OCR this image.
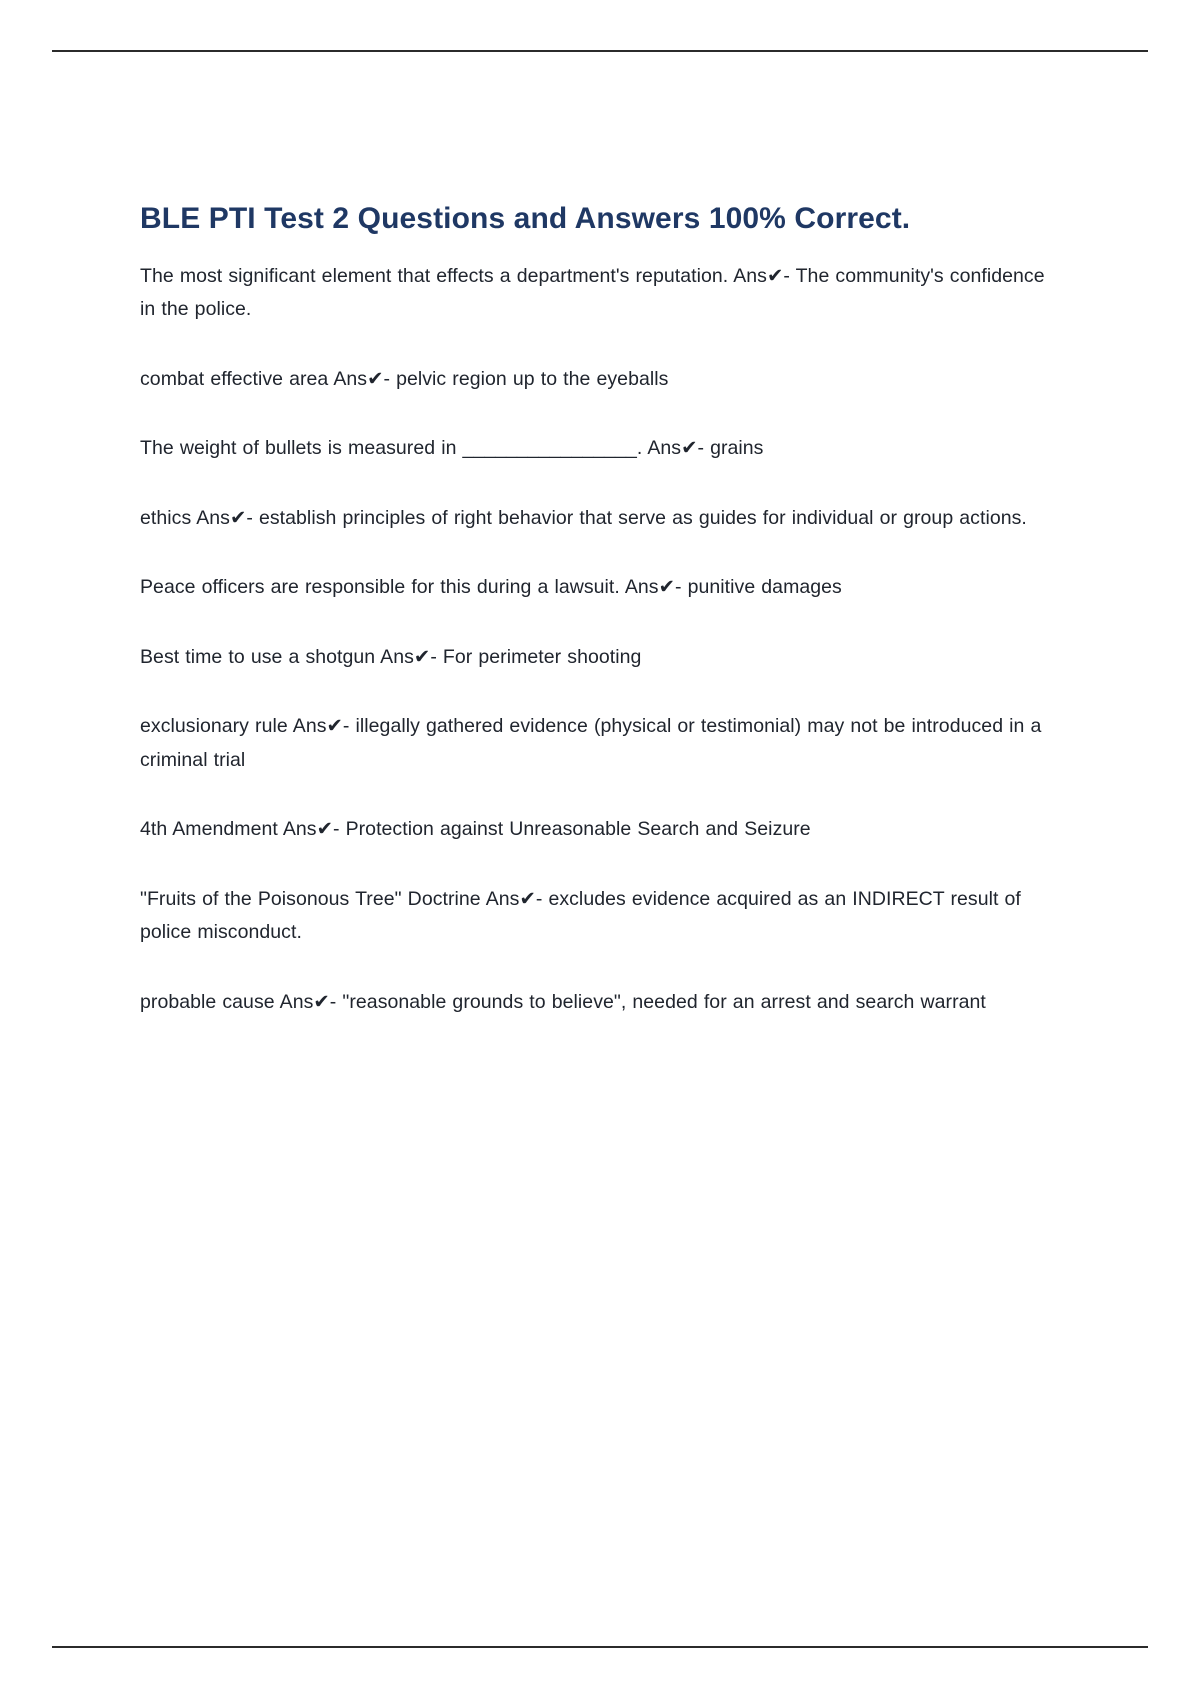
BLE PTI Test 2 Questions and Answers 100% Correct.

The most significant element that effects a department's reputation. Ans✔- The community's confidence in the police.

combat effective area Ans✔- pelvic region up to the eyeballs

The weight of bullets is measured in ________________. Ans✔- grains

ethics Ans✔- establish principles of right behavior that serve as guides for individual or group actions.

Peace officers are responsible for this during a lawsuit. Ans✔- punitive damages

Best time to use a shotgun Ans✔- For perimeter shooting

exclusionary rule Ans✔- illegally gathered evidence (physical or testimonial) may not be introduced in a criminal trial

4th Amendment Ans✔- Protection against Unreasonable Search and Seizure

"Fruits of the Poisonous Tree" Doctrine Ans✔- excludes evidence acquired as an INDIRECT result of police misconduct.

probable cause Ans✔- "reasonable grounds to believe", needed for an arrest and search warrant
